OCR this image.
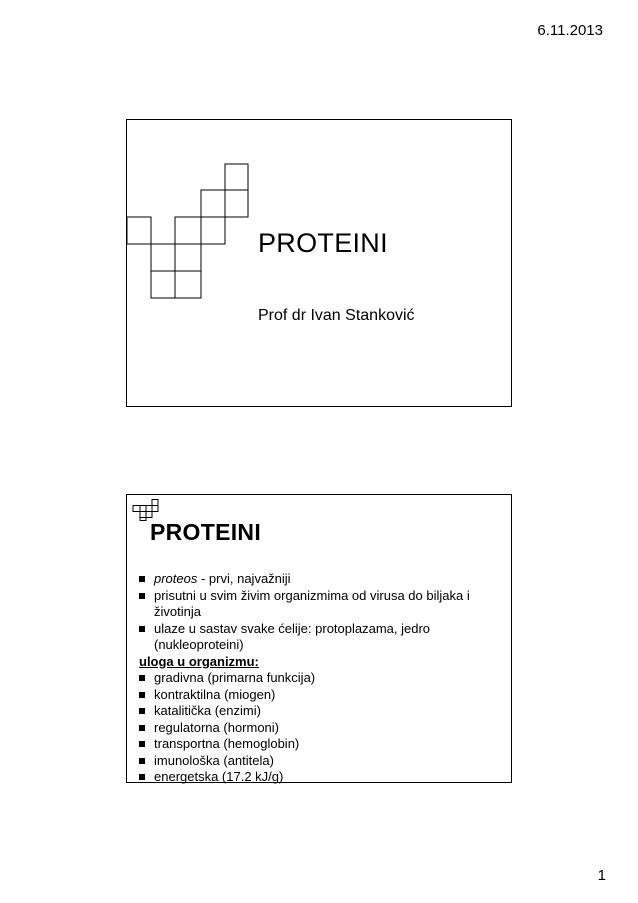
6.11.2013
PROTEINI
Prof dr Ivan Stanković
PROTEINI
proteos - prvi, najvažniji
prisutni u svim živim organizmima od virusa do biljaka i životinja
ulaze u sastav svake ćelije: protoplazama, jedro (nukleoproteini)
uloga u organizmu:
gradivna (primarna funkcija)
kontraktilna (miogen)
katalitička (enzimi)
regulatorna (hormoni)
transportna (hemoglobin)
imunološka (antitela)
energetska (17.2 kJ/g)
1
